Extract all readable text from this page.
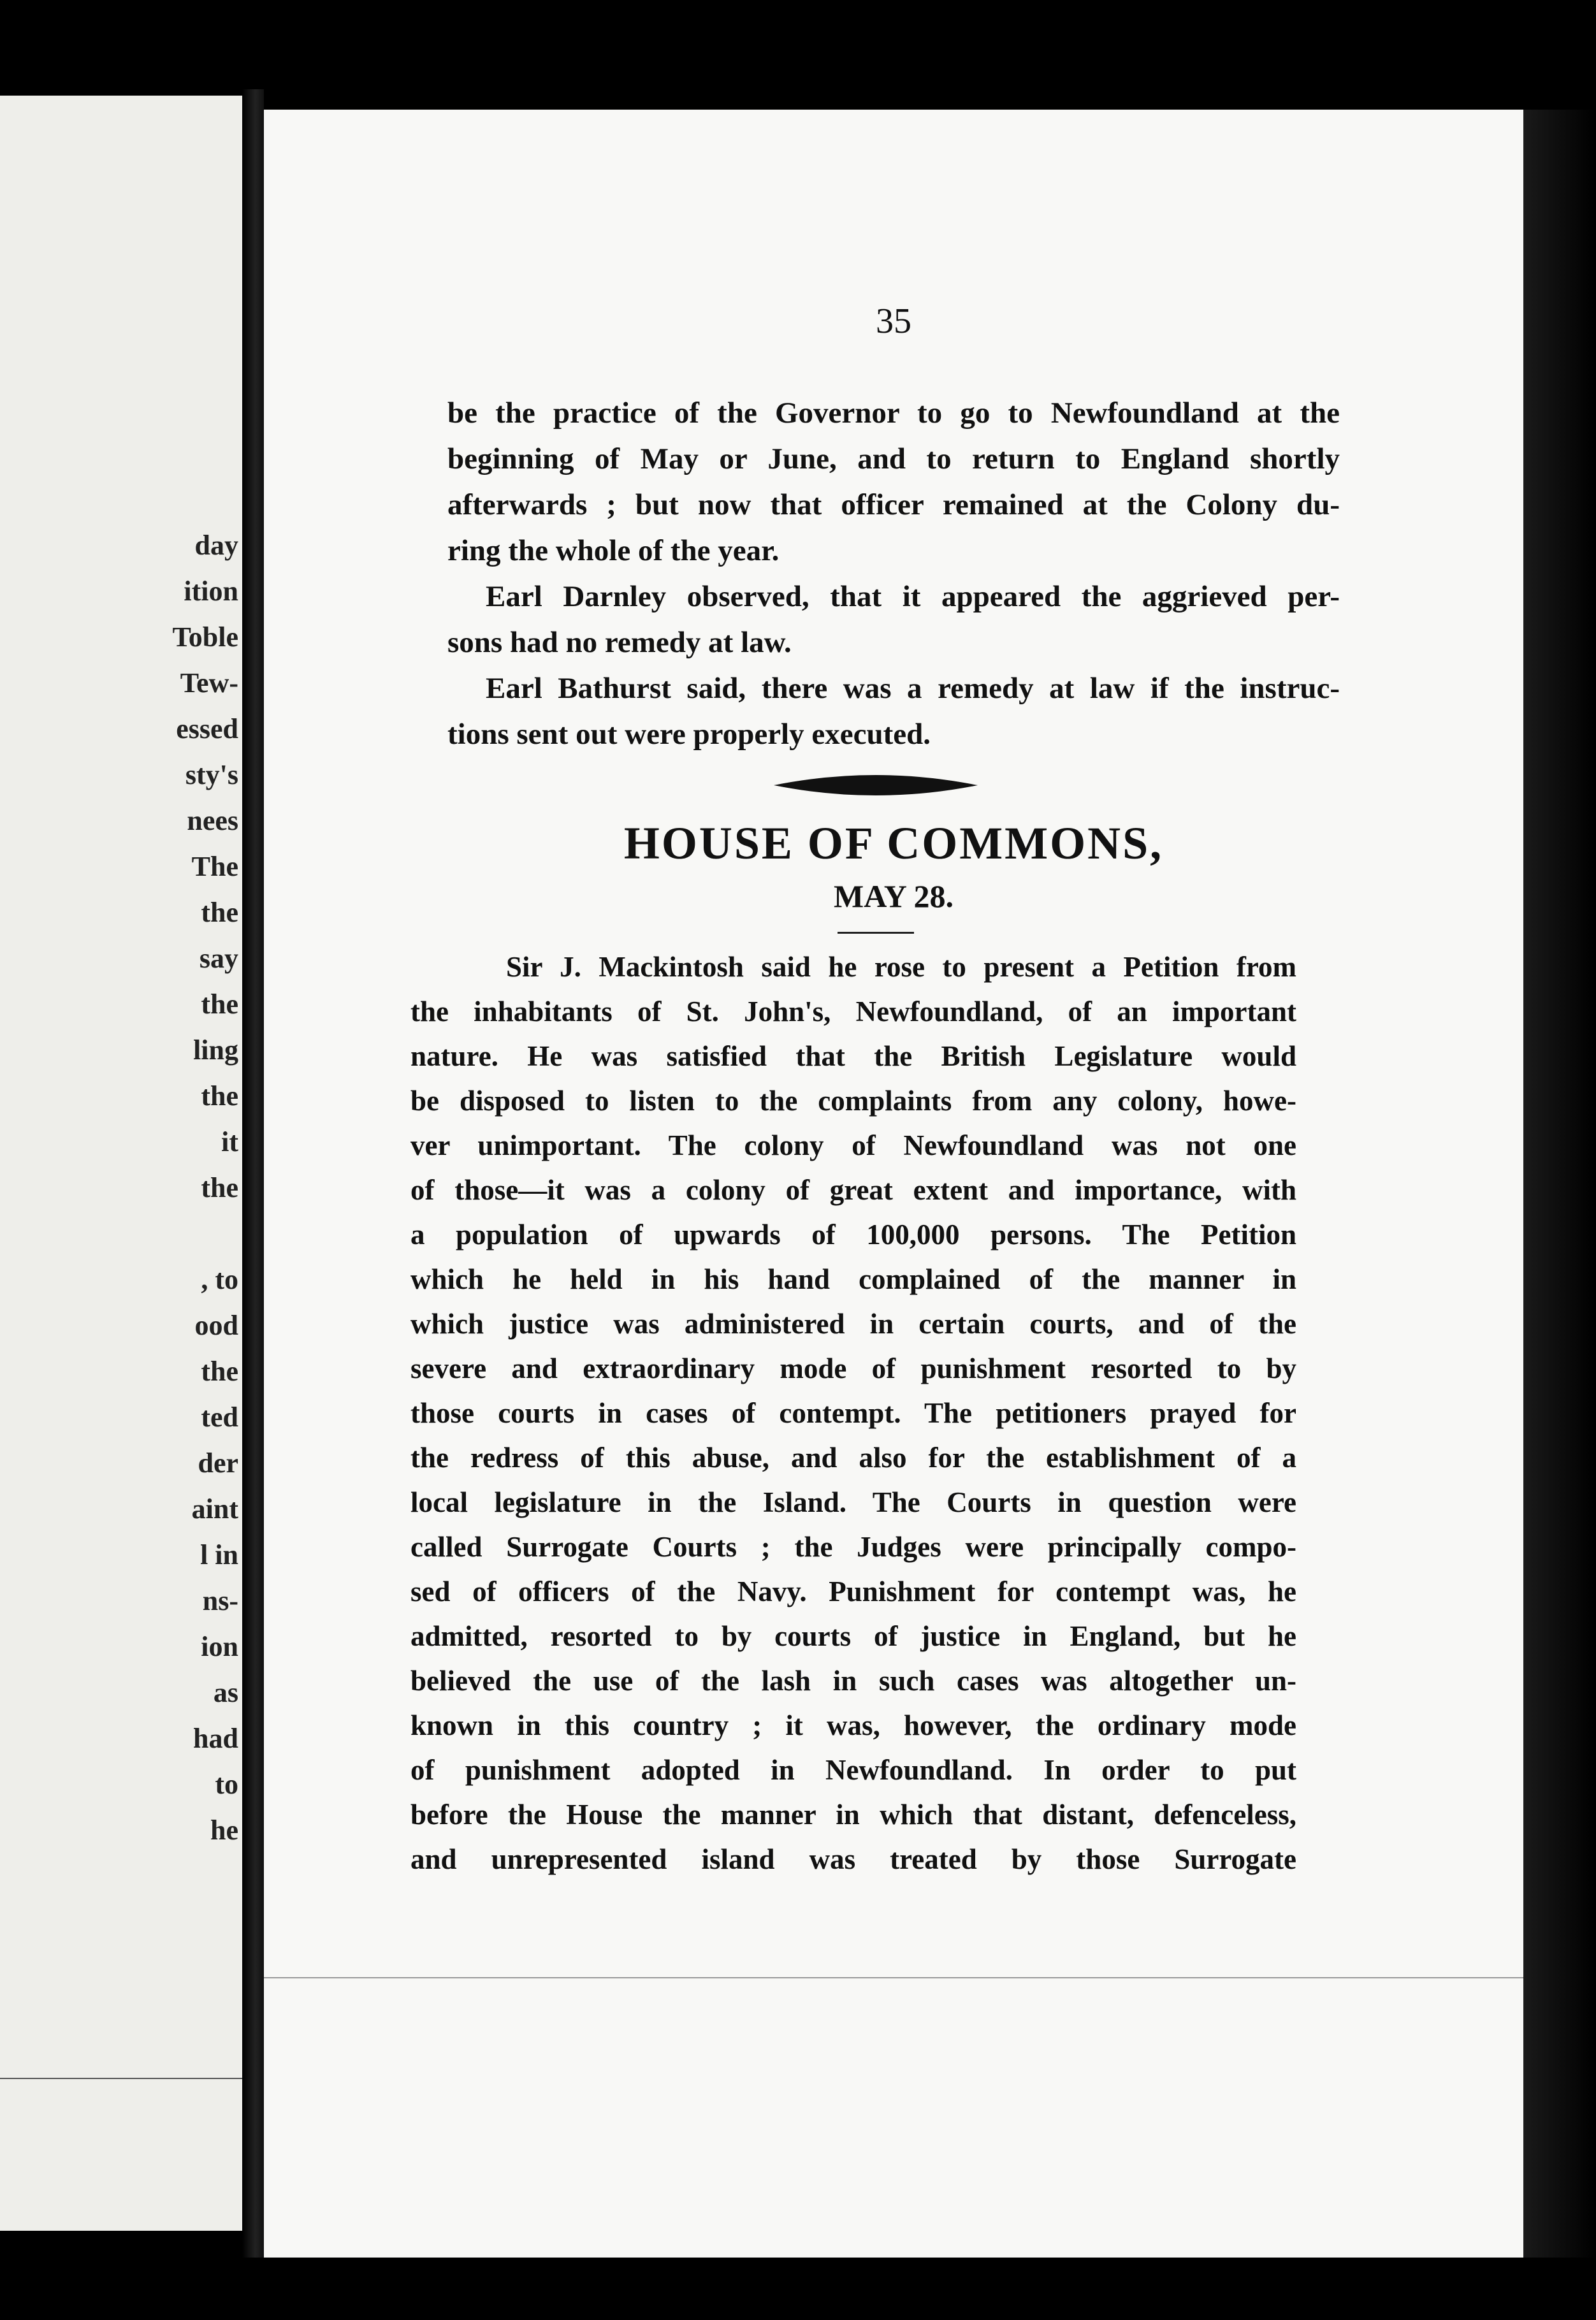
day
ition
Toble
Tew-
essed
sty's
nees
The
the
say
the
ling
the
it
the
, to
ood
the
ted
der
aint
l in
ns-
ion
as
had
to
he
35
be the practice of the Governor to go to Newfoundland at the
beginning of May or June, and to return to England shortly
afterwards ; but now that officer remained at the Colony du-
ring the whole of the year.
Earl Darnley observed, that it appeared the aggrieved per-
sons had no remedy at law.
Earl Bathurst said, there was a remedy at law if the instruc-
tions sent out were properly executed.
HOUSE OF COMMONS,
MAY 28.
Sir J. Mackintosh said he rose to present a Petition from
the inhabitants of St. John's, Newfoundland, of an important
nature. He was satisfied that the British Legislature would
be disposed to listen to the complaints from any colony, howe-
ver unimportant. The colony of Newfoundland was not one
of those—it was a colony of great extent and importance, with
a population of upwards of 100,000 persons. The Petition
which he held in his hand complained of the manner in
which justice was administered in certain courts, and of the
severe and extraordinary mode of punishment resorted to by
those courts in cases of contempt. The petitioners prayed for
the redress of this abuse, and also for the establishment of a
local legislature in the Island. The Courts in question were
called Surrogate Courts ; the Judges were principally compo-
sed of officers of the Navy. Punishment for contempt was, he
admitted, resorted to by courts of justice in England, but he
believed the use of the lash in such cases was altogether un-
known in this country ; it was, however, the ordinary mode
of punishment adopted in Newfoundland. In order to put
before the House the manner in which that distant, defenceless,
and unrepresented island was treated by those Surrogate
